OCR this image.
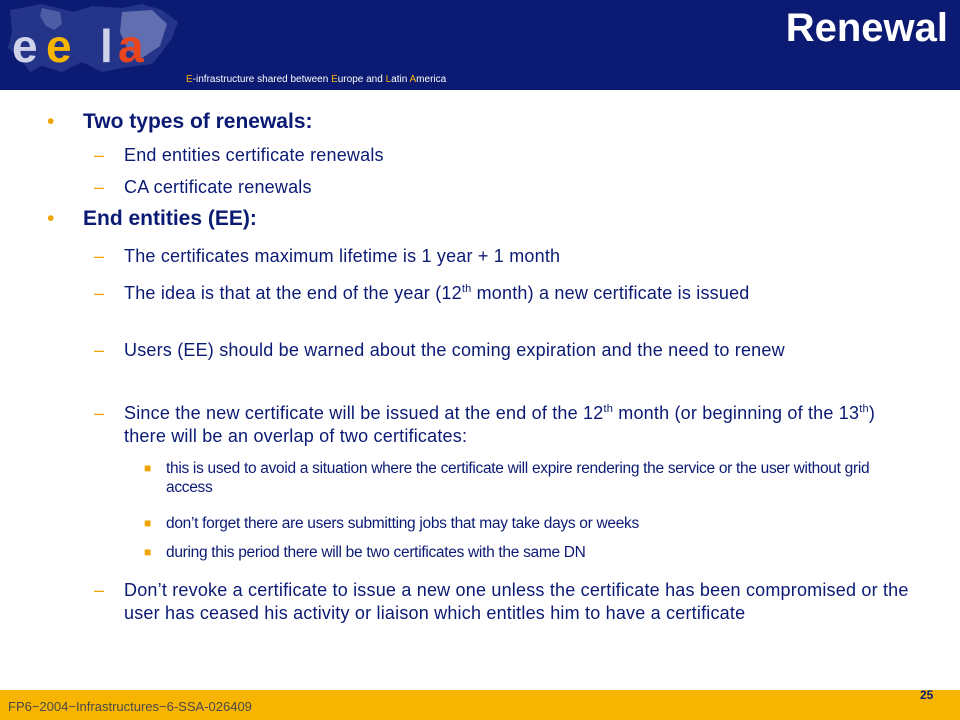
e e l a
E-infrastructure shared between Europe and Latin America
Renewal
• Two types of renewals:
– End entities certificate renewals
– CA certificate renewals
• End entities (EE):
– The certificates maximum lifetime is 1 year + 1 month
– The idea is that at the end of the year (12th month) a new certificate is issued
– Users (EE) should be warned about the coming expiration and the need to renew
– Since the new certificate will be issued at the end of the 12th month (or beginning of the 13th) there will be an overlap of two certificates:
■ this is used to avoid a situation where the certificate will expire rendering the service or the user without grid access
■ don’t forget there are users submitting jobs that may take days or weeks
■ during this period there will be two certificates with the same DN
– Don’t revoke a certificate to issue a new one unless the certificate has been compromised or the user has ceased his activity or liaison which entitles him to have a certificate
FP6−2004−Infrastructures−6-SSA-026409
25
